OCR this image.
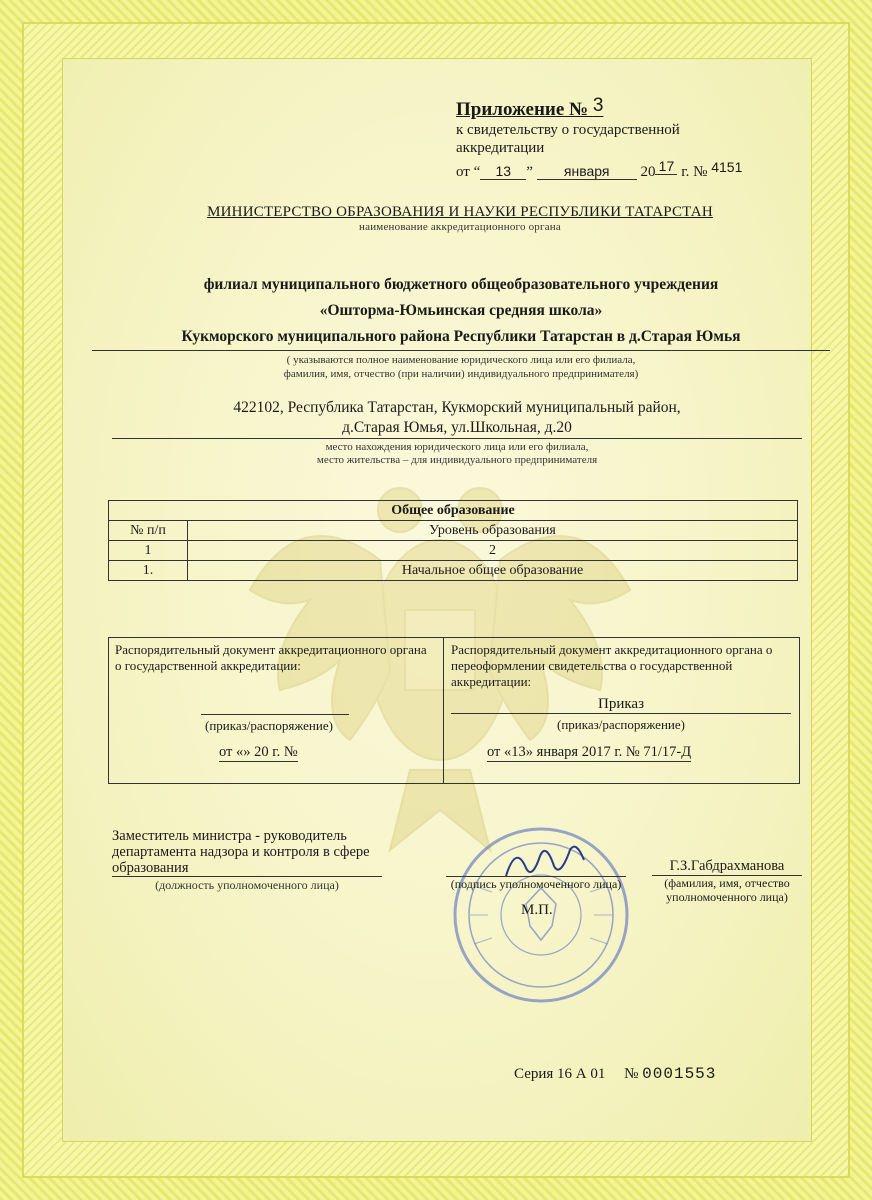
Приложение № 3
к свидетельству о государственной аккредитации
от “ 13 ” января 20 17 г. № 4151
МИНИСТЕРСТВО ОБРАЗОВАНИЯ И НАУКИ РЕСПУБЛИКИ ТАТАРСТАН
наименование аккредитационного органа
филиал муниципального бюджетного общеобразовательного учреждения
«Ошторма-Юмьинская средняя школа»
Кукморского муниципального района Республики Татарстан в д.Старая Юмья
( указываются полное наименование юридического лица или его филиала,
фамилия, имя, отчество (при наличии) индивидуального предпринимателя)
422102, Республика Татарстан, Кукморский муниципальный район,
д.Старая Юмья, ул.Школьная, д.20
место нахождения юридического лица или его филиала,
место жительства – для индивидуального предпринимателя
Общее образование	
№ п/п	Уровень образования
1	2
1.	Начальное общее образование
Распорядительный документ аккредитационного органа о государственной аккредитации:
(приказ/распоряжение)
от «» 20 г. №
Распорядительный документ аккредитационного органа о переоформлении свидетельства о государственной аккредитации:
Приказ
(приказ/распоряжение)
от «13» января 2017 г. № 71/17-Д
Заместитель министра - руководитель департамента надзора и контроля в сфере образования
(должность уполномоченного лица)	(подпись уполномоченного лица)
М.П.
Г.З.Габдрахманова
(фамилия, имя, отчество уполномоченного лица)
Серия 16 А 01 № 0001553
